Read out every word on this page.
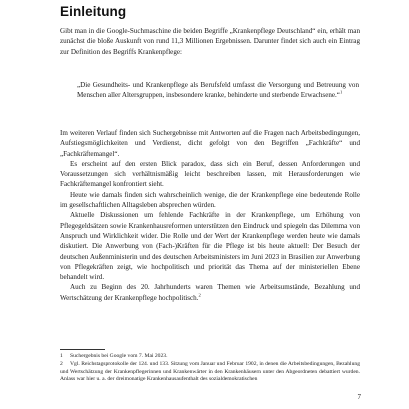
Einleitung

Gibt man in die Google-Suchmaschine die beiden Begriffe „Krankenpflege Deutschland“ ein, erhält man zunächst die bloße Auskunft von rund 11,3 Millionen Ergebnissen. Darunter findet sich auch ein Eintrag zur Definition des Begriffs Krankenpflege:

„Die Gesundheits- und Krankenpflege als Berufsfeld umfasst die Versorgung und Betreuung von Menschen aller Altersgruppen, insbesondere kranke, behinderte und sterbende Erwachsene.“$^1$

Im weiteren Verlauf finden sich Suchergebnisse mit Antworten auf die Fragen nach Arbeitsbedingungen, Aufstiegsmöglichkeiten und Verdienst, dicht gefolgt von den Begriffen „Fachkräfte“ und „Fachkräftemangel“.
Es erscheint auf den ersten Blick paradox, dass sich ein Beruf, dessen Anforderungen und Voraussetzungen sich verhältnismäßig leicht beschreiben lassen, mit Herausforderungen wie Fachkräftemangel konfrontiert sieht.
Heute wie damals finden sich wahrscheinlich wenige, die der Krankenpflege eine bedeutende Rolle im gesellschaftlichen Alltagsleben absprechen würden.
Aktuelle Diskussionen um fehlende Fachkräfte in der Krankenpflege, um Erhöhung von Pflegegeldsätzen sowie Krankenhausreformen unterstützen den Eindruck und spiegeln das Dilemma von Anspruch und Wirklichkeit wider. Die Rolle und der Wert der Krankenpflege werden heute wie damals diskutiert. Die Anwerbung von (Fach-)Kräften für die Pflege ist bis heute aktuell: Der Besuch der deutschen Außenministerin und des deutschen Arbeitsministers im Juni 2023 in Brasilien zur Anwerbung von Pflegekräften zeigt, wie hochpolitisch und priorität das Thema auf der ministeriellen Ebene behandelt wird.
Auch zu Beginn des 20. Jahrhunderts waren Themen wie Arbeitsumstände, Bezahlung und Wertschätzung der Krankenpflege hochpolitisch.$^2$
1 Suchergebnis bei Google vom 7. Mai 2023.
2 Vgl. Reichstagsprotokolle der 124. und 133. Sitzung vom Januar und Februar 1902, in denen die Arbeitsbedingungen, Bezahlung und Wertschätzung der Krankenpflegerinnen und Krankenwärter in den Krankenhäusern unter den Abgeordneten debattiert wurden. Anlass war hier u. a. der dreimonatige Krankenhausaufenthalt des sozialdemokratischen
7
